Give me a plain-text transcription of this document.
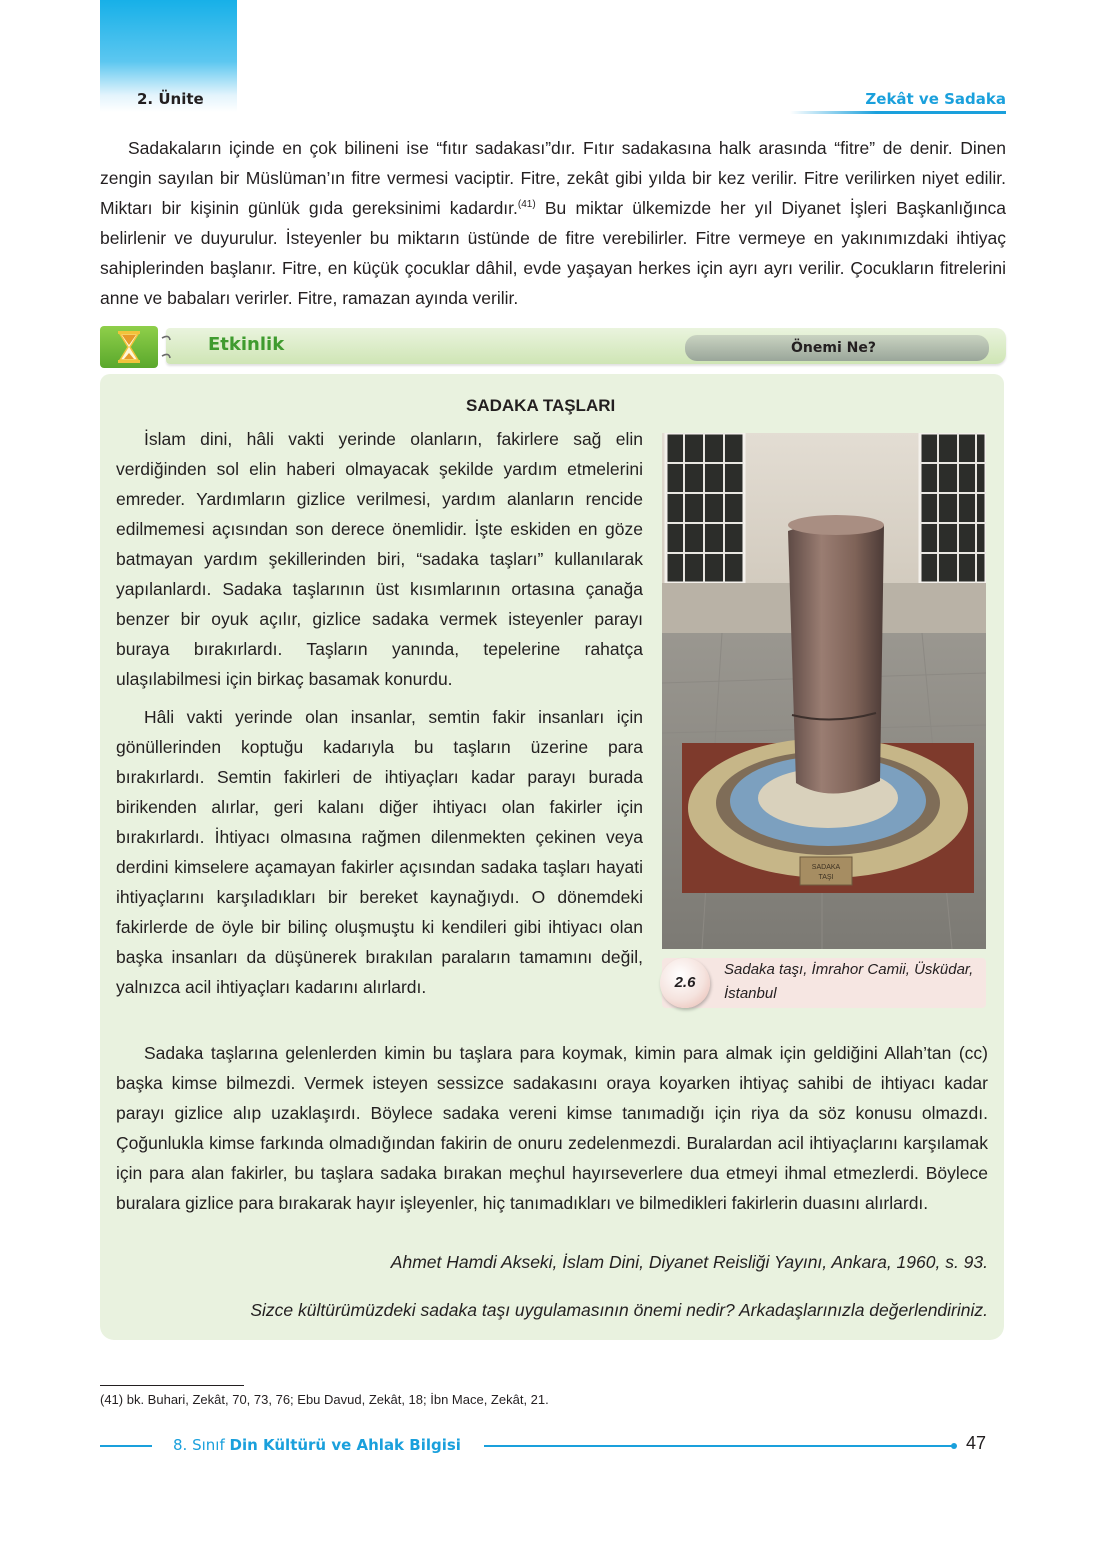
2. Ünite	Zekât ve Sadaka

Sadakaların içinde en çok bilineni ise “fıtır sadakası”dır. Fıtır sadakasına halk arasında “fitre” de denir. Dinen zengin sayılan bir Müslüman’ın fitre vermesi vaciptir. Fitre, zekât gibi yılda bir kez verilir. Fitre verilirken niyet edilir. Miktarı bir kişinin günlük gıda gereksinimi kadardır.$^{(41)}$ Bu miktar ülkemizde her yıl Diyanet İşleri Başkanlığınca belirlenir ve duyurulur. İsteyenler bu miktarın üstünde de fitre verebilirler. Fitre vermeye en yakınımızdaki ihtiyaç sahiplerinden başlanır. Fitre, en küçük çocuklar dâhil, evde yaşayan herkes için ayrı ayrı verilir. Çocukların fitrelerini anne ve babaları verirler. Fitre, ramazan ayında verilir.

Etkinlik	Önemi Ne?
SADAKA TAŞLARI

İslam dini, hâli vakti yerinde olanların, fakirlere sağ elin verdiğinden sol elin haberi olmayacak şekilde yardım etmelerini emreder. Yardımların gizlice verilmesi, yardım alanların rencide edilmemesi açısından son derece önemlidir. İşte eskiden en göze batmayan yardım şekillerinden biri, “sadaka taşları” kullanılarak yapılanlardı. Sadaka taşlarının üst kısımlarının ortasına çanağa benzer bir oyuk açılır, gizlice sadaka vermek isteyenler parayı buraya bırakırlardı. Taşların yanında, tepelerine rahatça ulaşılabilmesi için birkaç basamak konurdu.

Hâli vakti yerinde olan insanlar, semtin fakir insanları için gönüllerinden koptuğu kadarıyla bu taşların üzerine para bırakırlardı. Semtin fakirleri de ihtiyaçları kadar parayı burada birikenden alırlar, geri kalanı diğer ihtiyacı olan fakirler için bırakırlardı. İhtiyacı olmasına rağmen dilenmekten çekinen veya derdini kimselere açamayan fakirler açısından sadaka taşları hayati ihtiyaçlarını karşıladıkları bir bereket kaynağıydı. O dönemdeki fakirlerde de öyle bir bilinç oluşmuştu ki kendileri gibi ihtiyacı olan başka insanları da düşünerek bırakılan paraların tamamını değil, yalnızca acil ihtiyaçları kadarını alırlardı.

Sadaka taşlarına gelenlerden kimin bu taşlara para koymak, kimin para almak için geldiğini Allah’tan (cc) başka kimse bilmezdi. Vermek isteyen sessizce sadakasını oraya koyarken ihtiyaç sahibi de ihtiyacı kadar parayı gizlice alıp uzaklaşırdı. Böylece sadaka vereni kimse tanımadığı için riya da söz konusu olmazdı. Çoğunlukla kimse farkında olmadığından fakirin de onuru zedelenmezdi. Buralardan acil ihtiyaçlarını karşılamak için para alan fakirler, bu taşlara sadaka bırakan meçhul hayırseverlere dua etmeyi ihmal etmezlerdi. Böylece buralara gizlice para bırakarak hayır işleyenler, hiç tanımadıkları ve bilmedikleri fakirlerin duasını alırlardı.

Ahmet Hamdi Akseki, İslam Dini, Diyanet Reisliği Yayını, Ankara, 1960, s. 93.
Sizce kültürümüzdeki sadaka taşı uygulamasının önemi nedir? Arkadaşlarınızla değerlendiriniz.
SADAKA
TAŞI
2.6
Sadaka taşı, İmrahor Camii, Üsküdar, İstanbul
(41) bk. Buhari, Zekât, 70, 73, 76; Ebu Davud, Zekât, 18; İbn Mace, Zekât, 21.
8. Sınıf Din Kültürü ve Ahlak Bilgisi	47
